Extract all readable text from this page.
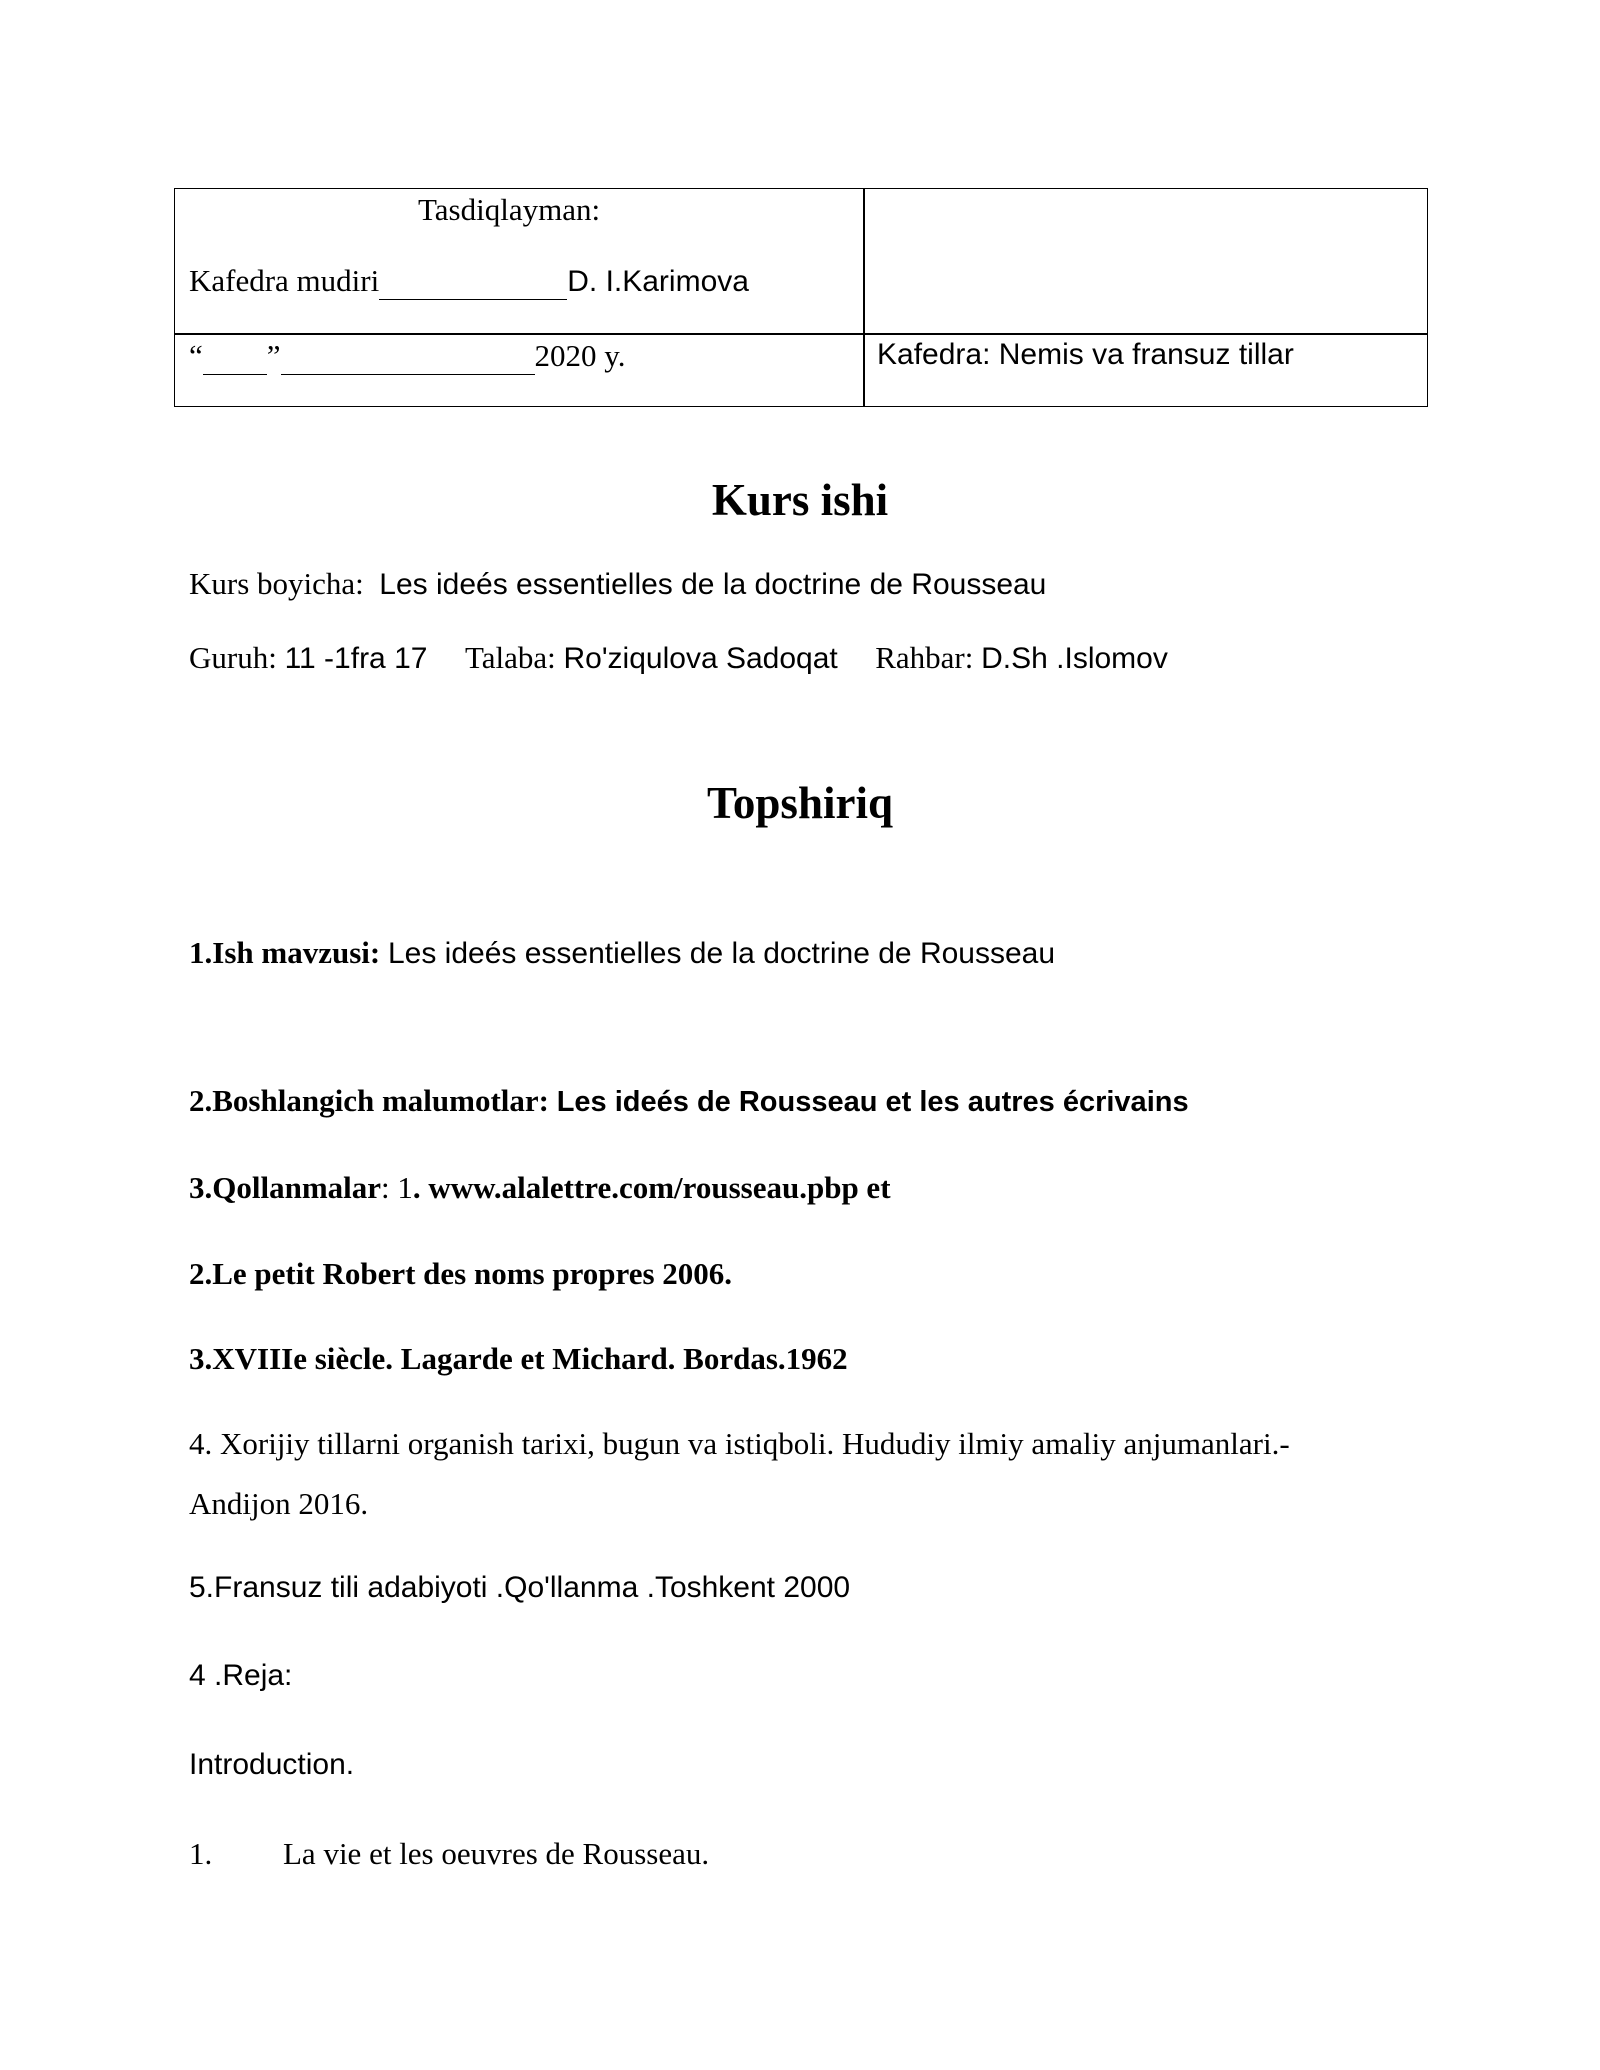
Tasdiqlayman:
Kafedra mudiri	D. I.Karimova
“ ”	2020 y.	Kafedra: Nemis va fransuz tillar
Kurs ishi
Kurs boyicha: Les ideés essentielles de la doctrine de Rousseau
Guruh: 11 -1fra 17 Talaba: Ro'ziqulova Sadoqat Rahbar: D.Sh .Islomov
Topshiriq
1.Ish mavzusi: Les ideés essentielles de la doctrine de Rousseau
2.Boshlangich malumotlar: Les ideés de Rousseau et les autres écrivains
3.Qollanmalar: 1. www.alalettre.com/rousseau.pbp et
2.Le petit Robert des noms propres 2006.
3.XVIIIe siècle. Lagarde et Michard. Bordas.1962
4. Xorijiy tillarni organish tarixi, bugun va istiqboli. Hududiy ilmiy amaliy anjumanlari.-
Andijon 2016.
5.Fransuz tili adabiyoti .Qo'llanma .Toshkent 2000
4 .Reja:
Introduction.
1. La vie et les oeuvres de Rousseau.
